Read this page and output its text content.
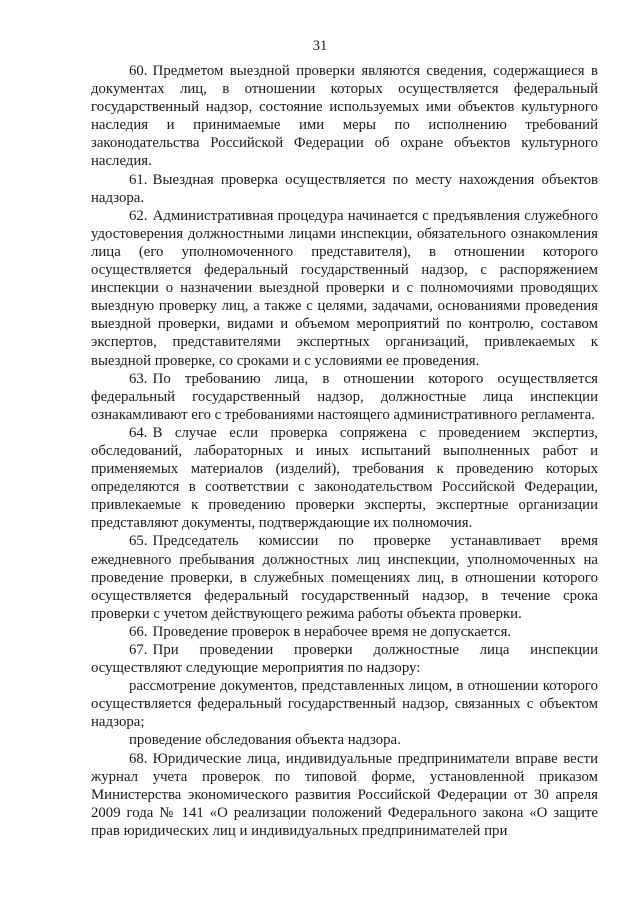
31

60. Предметом выездной проверки являются сведения, содержащиеся в документах лиц, в отношении которых осуществляется федеральный государственный надзор, состояние используемых ими объектов культурного наследия и принимаемые ими меры по исполнению требований законодательства Российской Федерации об охране объектов культурного наследия.

61. Выездная проверка осуществляется по месту нахождения объектов надзора.

62. Административная процедура начинается с предъявления служебного удостоверения должностными лицами инспекции, обязательного ознакомления лица (его уполномоченного представителя), в отношении которого осуществляется федеральный государственный надзор, с распоряжением инспекции о назначении выездной проверки и с полномочиями проводящих выездную проверку лиц, а также с целями, задачами, основаниями проведения выездной проверки, видами и объемом мероприятий по контролю, составом экспертов, представителями экспертных организаций, привлекаемых к выездной проверке, со сроками и с условиями ее проведения.

63. По требованию лица, в отношении которого осуществляется федеральный государственный надзор, должностные лица инспекции ознакамливают его с требованиями настоящего административного регламента.

64. В случае если проверка сопряжена с проведением экспертиз, обследований, лабораторных и иных испытаний выполненных работ и применяемых материалов (изделий), требования к проведению которых определяются в соответствии с законодательством Российской Федерации, привлекаемые к проведению проверки эксперты, экспертные организации представляют документы, подтверждающие их полномочия.

65. Председатель комиссии по проверке устанавливает время ежедневного пребывания должностных лиц инспекции, уполномоченных на проведение проверки, в служебных помещениях лиц, в отношении которого осуществляется федеральный государственный надзор, в течение срока проверки с учетом действующего режима работы объекта проверки.

66. Проведение проверок в нерабочее время не допускается.

67. При проведении проверки должностные лица инспекции осуществляют следующие мероприятия по надзору:

рассмотрение документов, представленных лицом, в отношении которого осуществляется федеральный государственный надзор, связанных с объектом надзора;

проведение обследования объекта надзора.

68. Юридические лица, индивидуальные предприниматели вправе вести журнал учета проверок по типовой форме, установленной приказом Министерства экономического развития Российской Федерации от 30 апреля 2009 года № 141 «О реализации положений Федерального закона «О защите прав юридических лиц и индивидуальных предпринимателей при
